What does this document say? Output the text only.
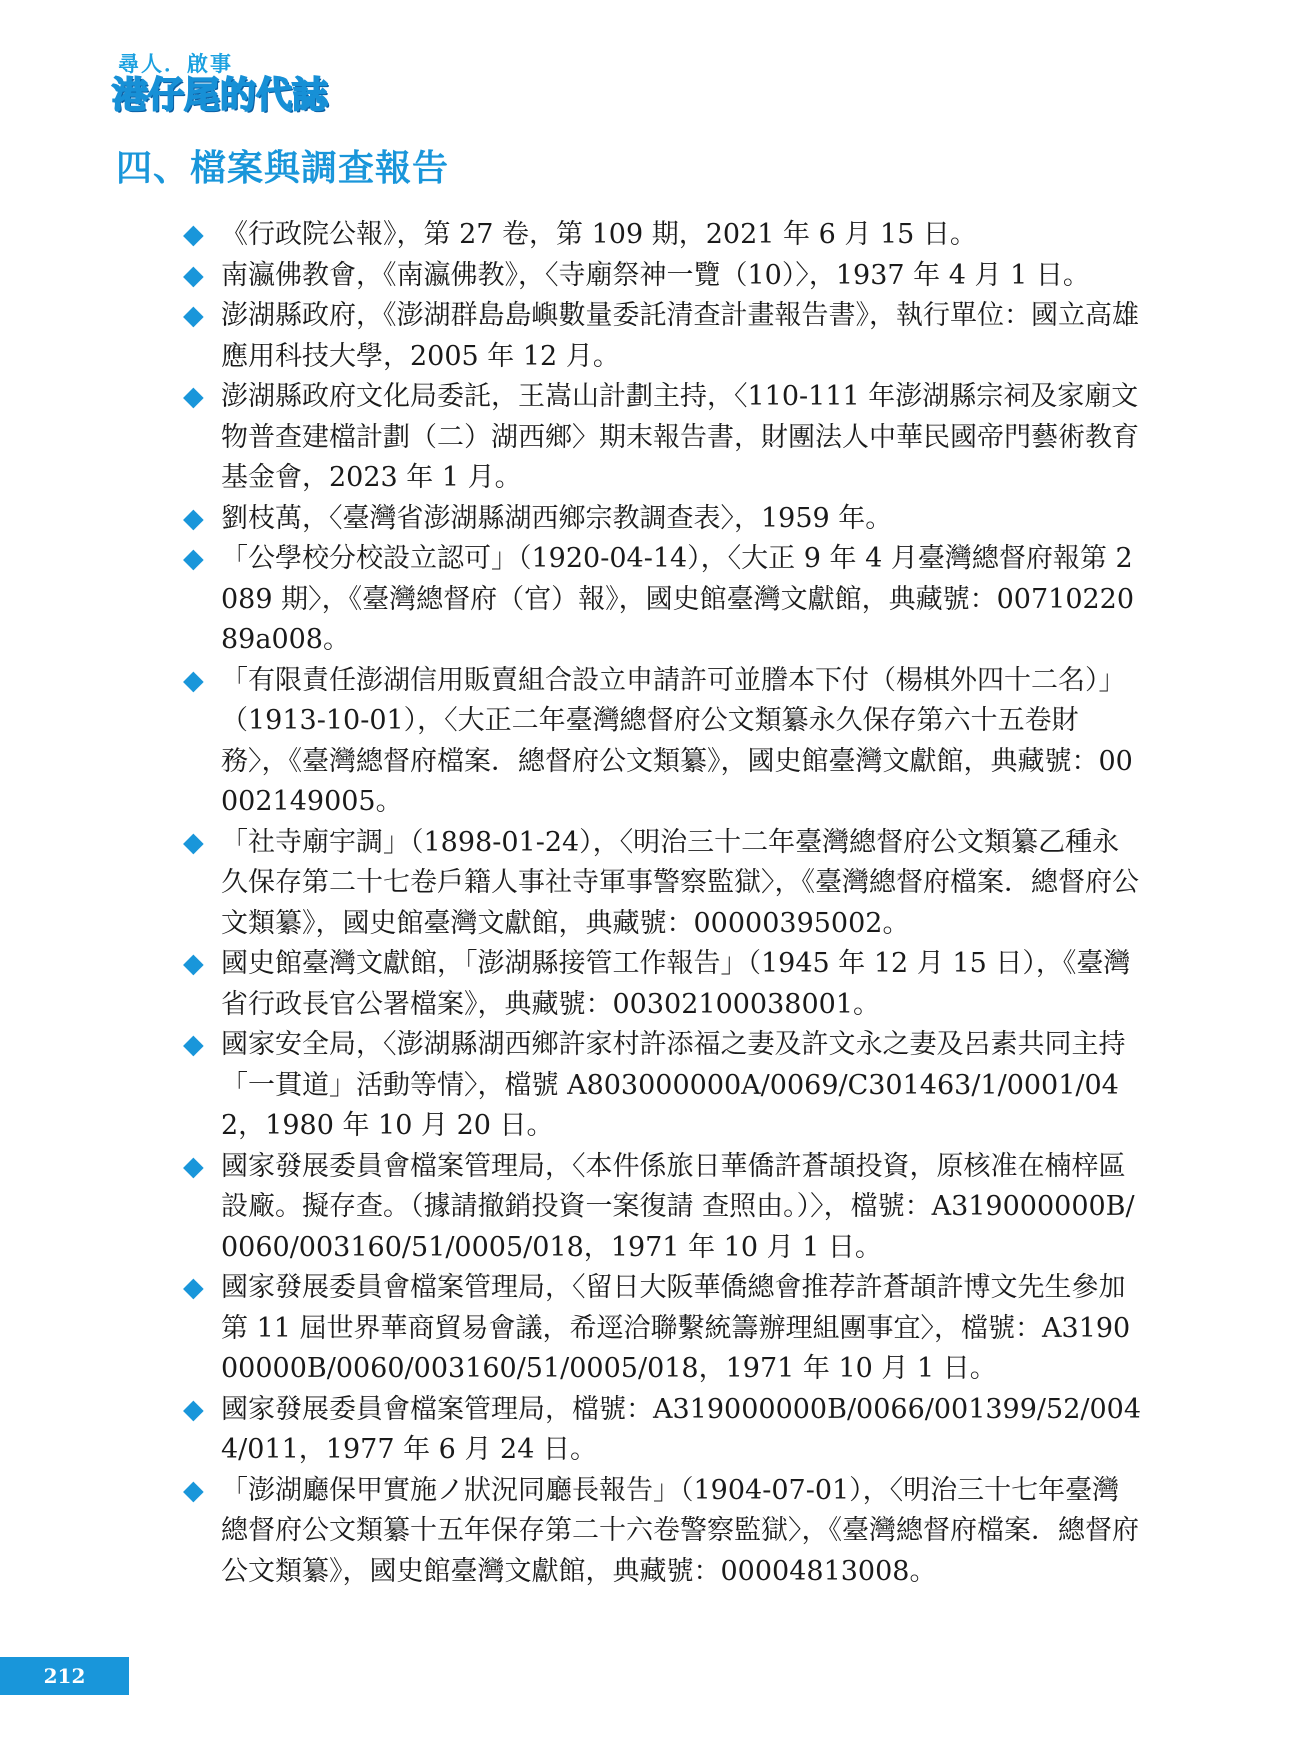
尋人．啟事
港仔尾的代誌
四、檔案與調查報告
◆ 《行政院公報》，第 27 卷，第 109 期，2021 年 6 月 15 日。
◆ 南瀛佛教會，《南瀛佛教》，〈寺廟祭神一覽（10）〉，1937 年 4 月 1 日。
◆ 澎湖縣政府，《澎湖群島島嶼數量委託清查計畫報告書》，執行單位：國立高雄應用科技大學，2005 年 12 月。
◆ 澎湖縣政府文化局委託，王嵩山計劃主持，〈110-111 年澎湖縣宗祠及家廟文物普查建檔計劃（二）湖西鄉〉期末報告書，財團法人中華民國帝門藝術教育基金會，2023 年 1 月。
◆ 劉枝萬，〈臺灣省澎湖縣湖西鄉宗教調查表〉，1959 年。
◆ 「公學校分校設立認可」（1920-04-14），〈大正 9 年 4 月臺灣總督府報第 2089 期〉，《臺灣總督府（官）報》，國史館臺灣文獻館，典藏號：0071022089a008。
◆ 「有限責任澎湖信用販賣組合設立申請許可並謄本下付（楊棋外四十二名）」（1913-10-01），〈大正二年臺灣總督府公文類纂永久保存第六十五卷財務〉，《臺灣總督府檔案．總督府公文類纂》，國史館臺灣文獻館，典藏號：00002149005。
◆ 「社寺廟宇調」（1898-01-24），〈明治三十二年臺灣總督府公文類纂乙種永久保存第二十七卷戶籍人事社寺軍事警察監獄〉，《臺灣總督府檔案．總督府公文類纂》，國史館臺灣文獻館，典藏號：00000395002。
◆ 國史館臺灣文獻館，「澎湖縣接管工作報告」（1945 年 12 月 15 日），《臺灣省行政長官公署檔案》，典藏號：00302100038001。
◆ 國家安全局，〈澎湖縣湖西鄉許家村許添福之妻及許文永之妻及呂素共同主持「一貫道」活動等情〉，檔號 A803000000A/0069/C301463/1/0001/042，1980 年 10 月 20 日。
◆ 國家發展委員會檔案管理局，〈本件係旅日華僑許蒼頡投資，原核准在楠梓區設廠。擬存查。（據請撤銷投資一案復請 查照由。）〉，檔號：A319000000B/0060/003160/51/0005/018，1971 年 10 月 1 日。
◆ 國家發展委員會檔案管理局，〈留日大阪華僑總會推荐許蒼頡許博文先生參加第 11 屆世界華商貿易會議，希逕洽聯繫統籌辦理組團事宜〉，檔號：A319000000B/0060/003160/51/0005/018，1971 年 10 月 1 日。
◆ 國家發展委員會檔案管理局，檔號：A319000000B/0066/001399/52/0044/011，1977 年 6 月 24 日。
◆ 「澎湖廳保甲實施ノ狀況同廳長報告」（1904-07-01），〈明治三十七年臺灣總督府公文類纂十五年保存第二十六卷警察監獄〉，《臺灣總督府檔案．總督府公文類纂》，國史館臺灣文獻館，典藏號：00004813008。
212
